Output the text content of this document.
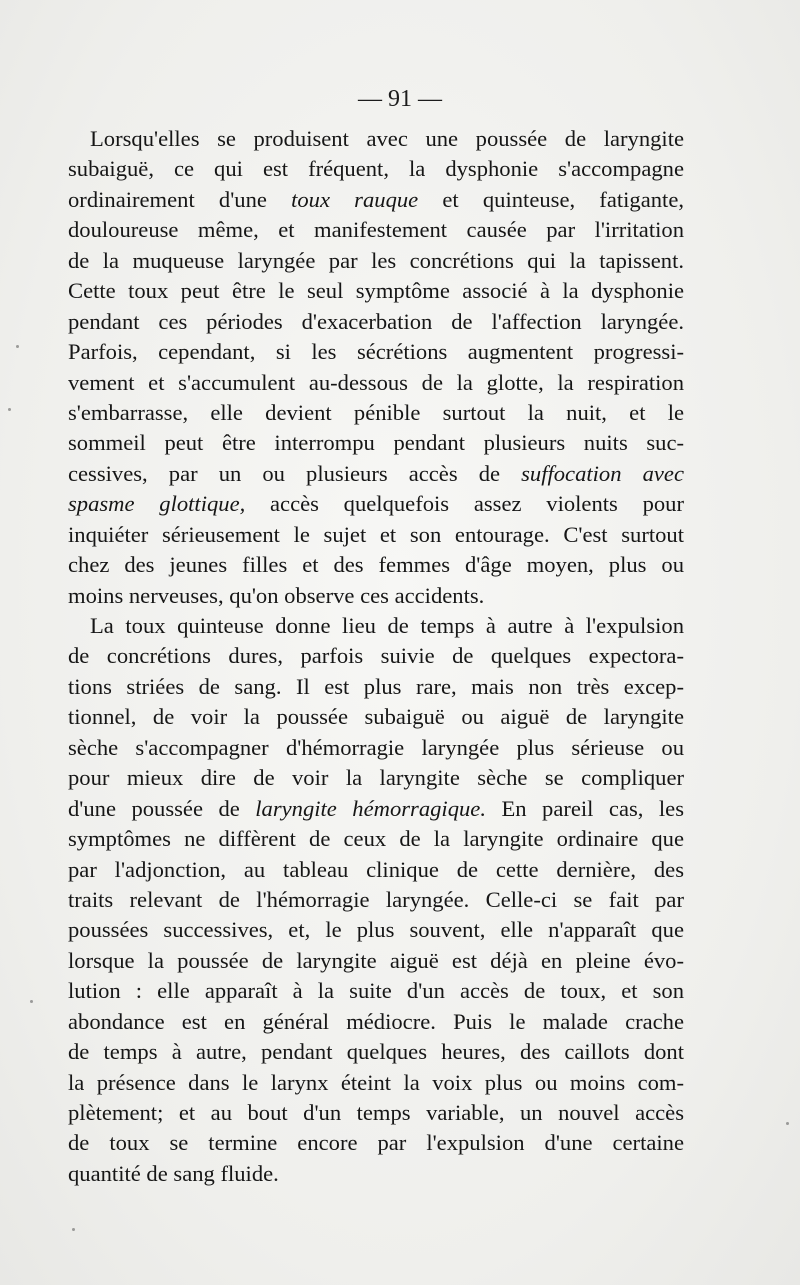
— 91 —
Lorsqu'elles se produisent avec une poussée de laryngite
subaiguë, ce qui est fréquent, la dysphonie s'accompagne
ordinairement d'une toux rauque et quinteuse, fatigante,
douloureuse même, et manifestement causée par l'irritation
de la muqueuse laryngée par les concrétions qui la tapissent.
Cette toux peut être le seul symptôme associé à la dysphonie
pendant ces périodes d'exacerbation de l'affection laryngée.
Parfois, cependant, si les sécrétions augmentent progressi-
vement et s'accumulent au-dessous de la glotte, la respiration
s'embarrasse, elle devient pénible surtout la nuit, et le
sommeil peut être interrompu pendant plusieurs nuits suc-
cessives, par un ou plusieurs accès de suffocation avec
spasme glottique, accès quelquefois assez violents pour
inquiéter sérieusement le sujet et son entourage. C'est surtout
chez des jeunes filles et des femmes d'âge moyen, plus ou
moins nerveuses, qu'on observe ces accidents.
La toux quinteuse donne lieu de temps à autre à l'expulsion
de concrétions dures, parfois suivie de quelques expectora-
tions striées de sang. Il est plus rare, mais non très excep-
tionnel, de voir la poussée subaiguë ou aiguë de laryngite
sèche s'accompagner d'hémorragie laryngée plus sérieuse ou
pour mieux dire de voir la laryngite sèche se compliquer
d'une poussée de laryngite hémorragique. En pareil cas, les
symptômes ne diffèrent de ceux de la laryngite ordinaire que
par l'adjonction, au tableau clinique de cette dernière, des
traits relevant de l'hémorragie laryngée. Celle-ci se fait par
poussées successives, et, le plus souvent, elle n'apparaît que
lorsque la poussée de laryngite aiguë est déjà en pleine évo-
lution : elle apparaît à la suite d'un accès de toux, et son
abondance est en général médiocre. Puis le malade crache
de temps à autre, pendant quelques heures, des caillots dont
la présence dans le larynx éteint la voix plus ou moins com-
plètement; et au bout d'un temps variable, un nouvel accès
de toux se termine encore par l'expulsion d'une certaine
quantité de sang fluide.
